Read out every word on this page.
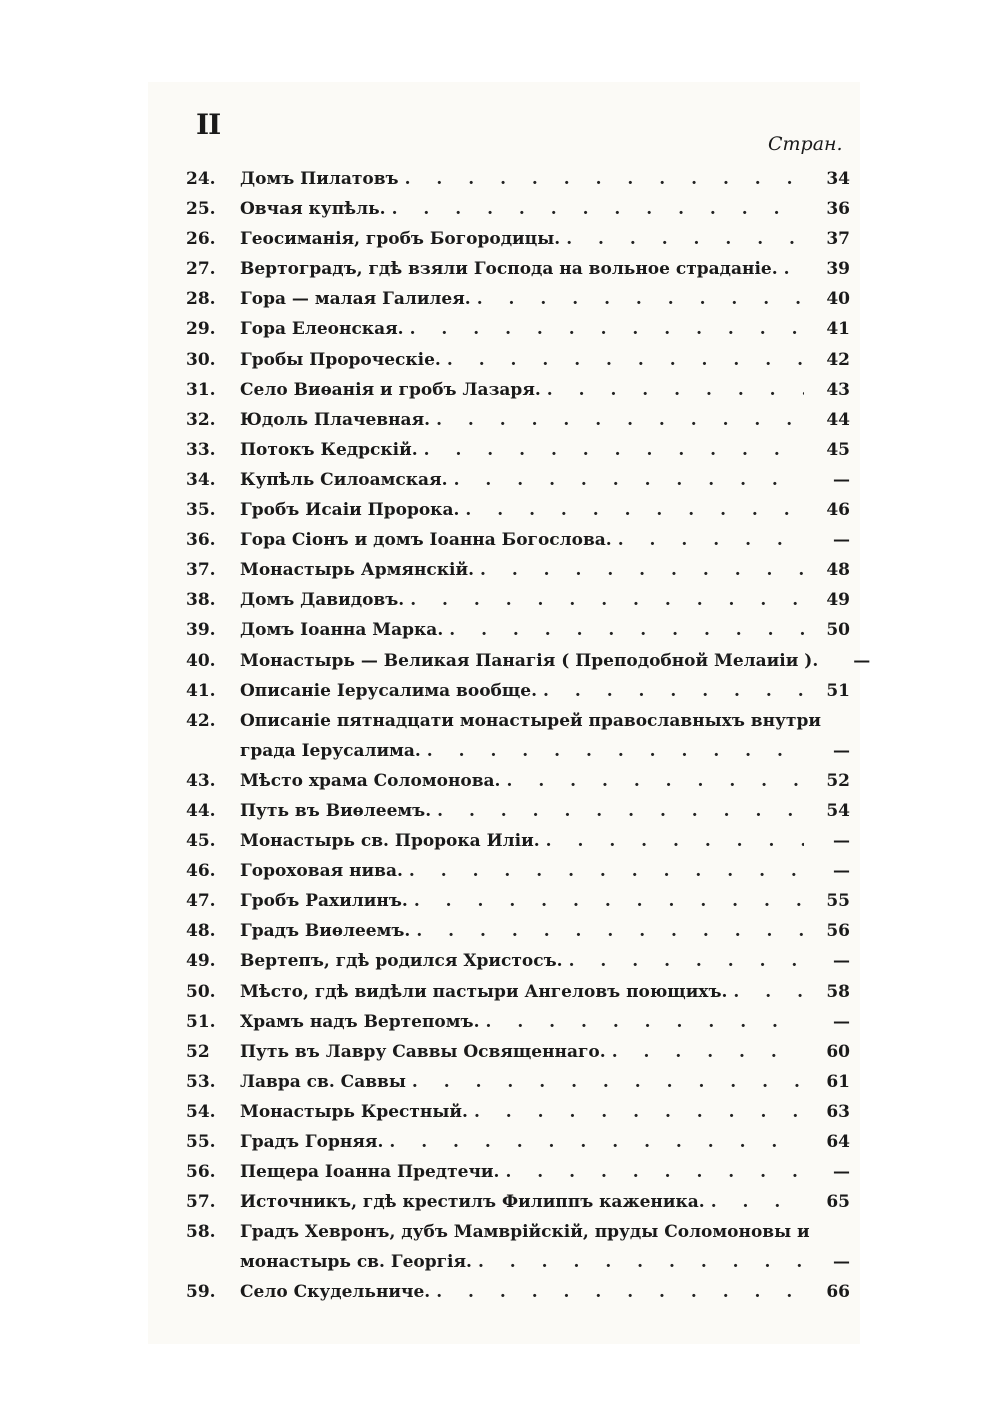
II
Стран.
24.	Домъ Пилатовъ . . .	34
25.	Овчая купѣль. . . .	36
26.	Геосиманія, гробъ Богородицы. . . .	37
27.	Вертоградъ, гдѣ взяли Господа на вольное страданіе. . . .	39
28.	Гора — малая Галилея. . . .	40
29.	Гора Елеонская. . . .	41
30.	Гробы Пророческіе. . . .	42
31.	Село Виѳанія и гробъ Лазаря. . . .	43
32.	Юдоль Плачевная. . . .	44
33.	Потокъ Кедрскій. . . .	45
34.	Купѣль Силоамская. . . .	—
35.	Гробъ Исаіи Пророка. . . .	46
36.	Гора Сіонъ и домъ Іоанна Богослова. . . .	—
37.	Монастырь Армянскій. . . .	48
38.	Домъ Давидовъ. . . .	49
39.	Домъ Іоанна Марка. . . .	50
40.	Монастырь — Великая Панагія ( Преподобной Мелаиіи ).	—
41.	Описаніе Іерусалима вообще. . . .	51
42.	Описаніе пятнадцати монастырей православныхъ внутри
града Іерусалима. . . .	—
43.	Мѣсто храма Соломонова. . . .	52
44.	Путь въ Виѳлеемъ. . . .	54
45.	Монастырь св. Пророка Иліи. . . .	—
46.	Гороховая нива. . . .	—
47.	Гробъ Рахилинъ. . . .	55
48.	Градъ Виѳлеемъ. . . .	56
49.	Вертепъ, гдѣ родился Христосъ. . . .	—
50.	Мѣсто, гдѣ видѣли пастыри Ангеловъ поющихъ. . . .	58
51.	Храмъ надъ Вертепомъ. . . .	—
52	Путь въ Лавру Саввы Освященнаго. . . .	60
53.	Лавра св. Саввы . . .	61
54.	Монастырь Крестный. . . .	63
55.	Градъ Горняя. . . .	64
56.	Пещера Іоанна Предтечи. . . .	—
57.	Источникъ, гдѣ крестилъ Филиппъ каженика. . . .	65
58.	Градъ Хевронъ, дубъ Мамврійскій, пруды Соломоновы и
монастырь св. Георгія. . . .	—
59.	Село Скудельниче. . . .	66
